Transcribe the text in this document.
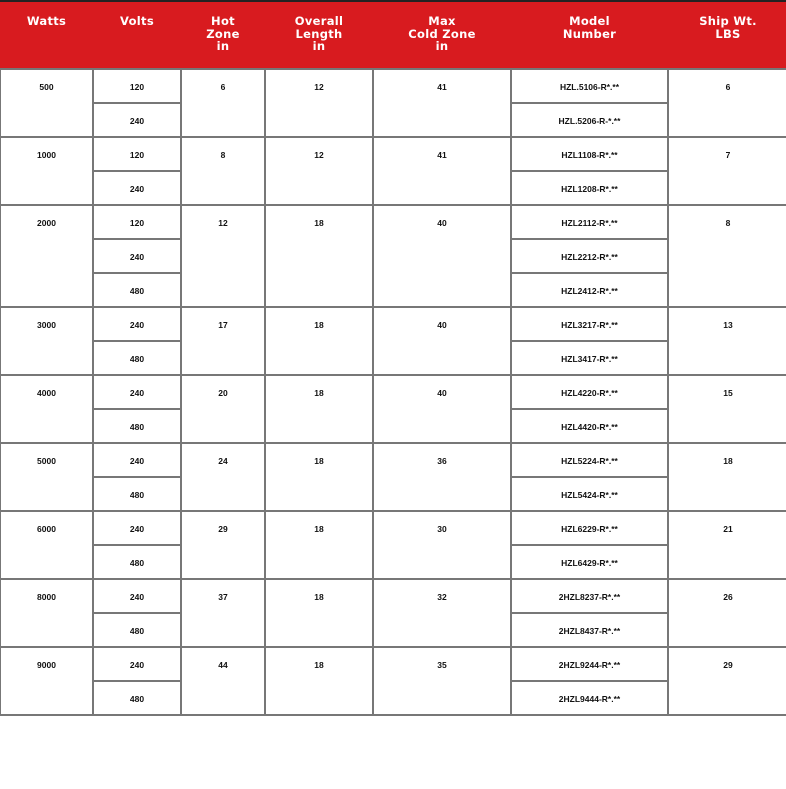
Watts	Volts	Hot
Zone
in	Overall
Length
in	Max
Cold Zone
in	Model
Number	Ship Wt.
LBS

500	120	6	12	41	HZL.5106-R*.**	6
	240				HZL.5206-R-*.**	
1000	120	8	12	41	HZL1108-R*.**	7
	240				HZL1208-R*.**	
2000	120	12	18	40	HZL2112-R*.**	8
	240				HZL2212-R*.**	
	480				HZL2412-R*.**	
3000	240	17	18	40	HZL3217-R*.**	13
	480				HZL3417-R*.**	
4000	240	20	18	40	HZL4220-R*.**	15
	480				HZL4420-R*.**	
5000	240	24	18	36	HZL5224-R*.**	18
	480				HZL5424-R*.**	
6000	240	29	18	30	HZL6229-R*.**	21
	480				HZL6429-R*.**	
8000	240	37	18	32	2HZL8237-R*.**	26
	480				2HZL8437-R*.**	
9000	240	44	18	35	2HZL9244-R*.**	29
	480				2HZL9444-R*.**	
